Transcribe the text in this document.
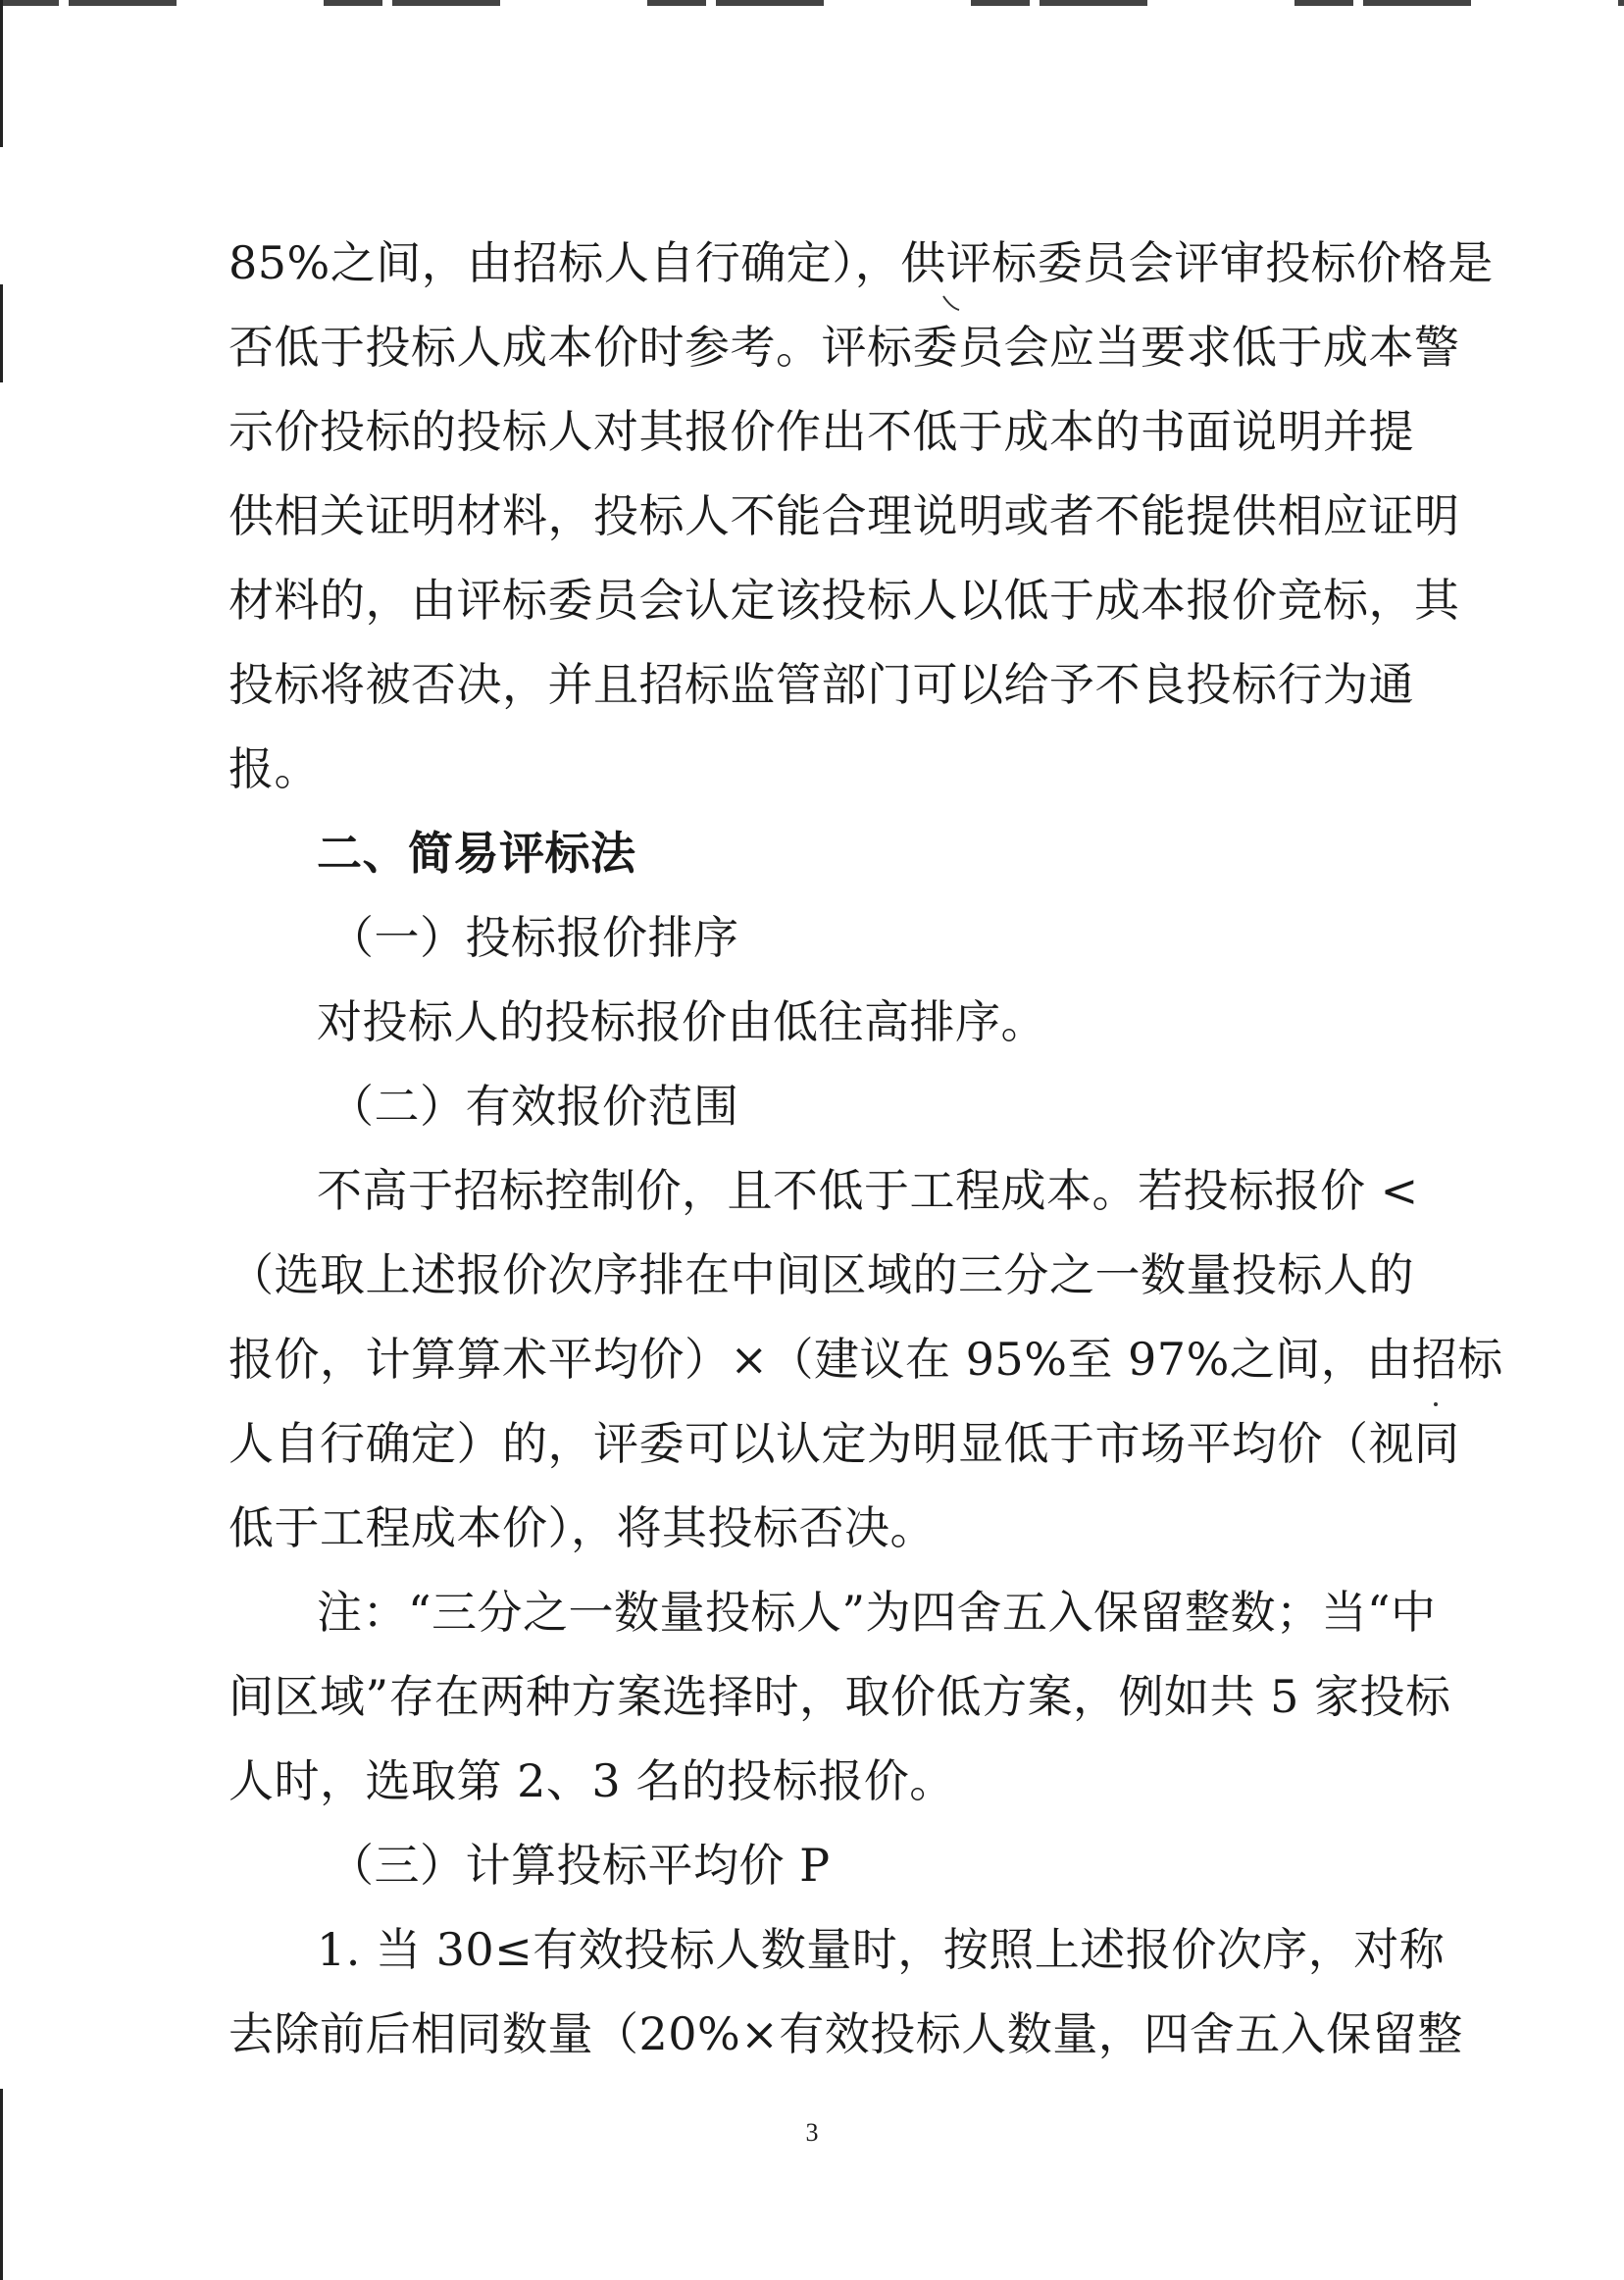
85%之间，由招标人自行确定），供评标委员会评审投标价格是
否低于投标人成本价时参考。评标委员会应当要求低于成本警
示价投标的投标人对其报价作出不低于成本的书面说明并提
供相关证明材料，投标人不能合理说明或者不能提供相应证明
材料的，由评标委员会认定该投标人以低于成本报价竞标，其
投标将被否决，并且招标监管部门可以给予不良投标行为通
报。
二、简易评标法
（一）投标报价排序
对投标人的投标报价由低往高排序。
（二）有效报价范围
不高于招标控制价，且不低于工程成本。若投标报价 <
（选取上述报价次序排在中间区域的三分之一数量投标人的
报价，计算算术平均价）×（建议在 95%至 97%之间，由招标
人自行确定）的，评委可以认定为明显低于市场平均价（视同
低于工程成本价），将其投标否决。
注：“三分之一数量投标人”为四舍五入保留整数；当“中
间区域”存在两种方案选择时，取价低方案，例如共 5 家投标
人时，选取第 2、3 名的投标报价。
（三）计算投标平均价 P
1. 当 30≤有效投标人数量时，按照上述报价次序，对称
去除前后相同数量（20%×有效投标人数量，四舍五入保留整
3
